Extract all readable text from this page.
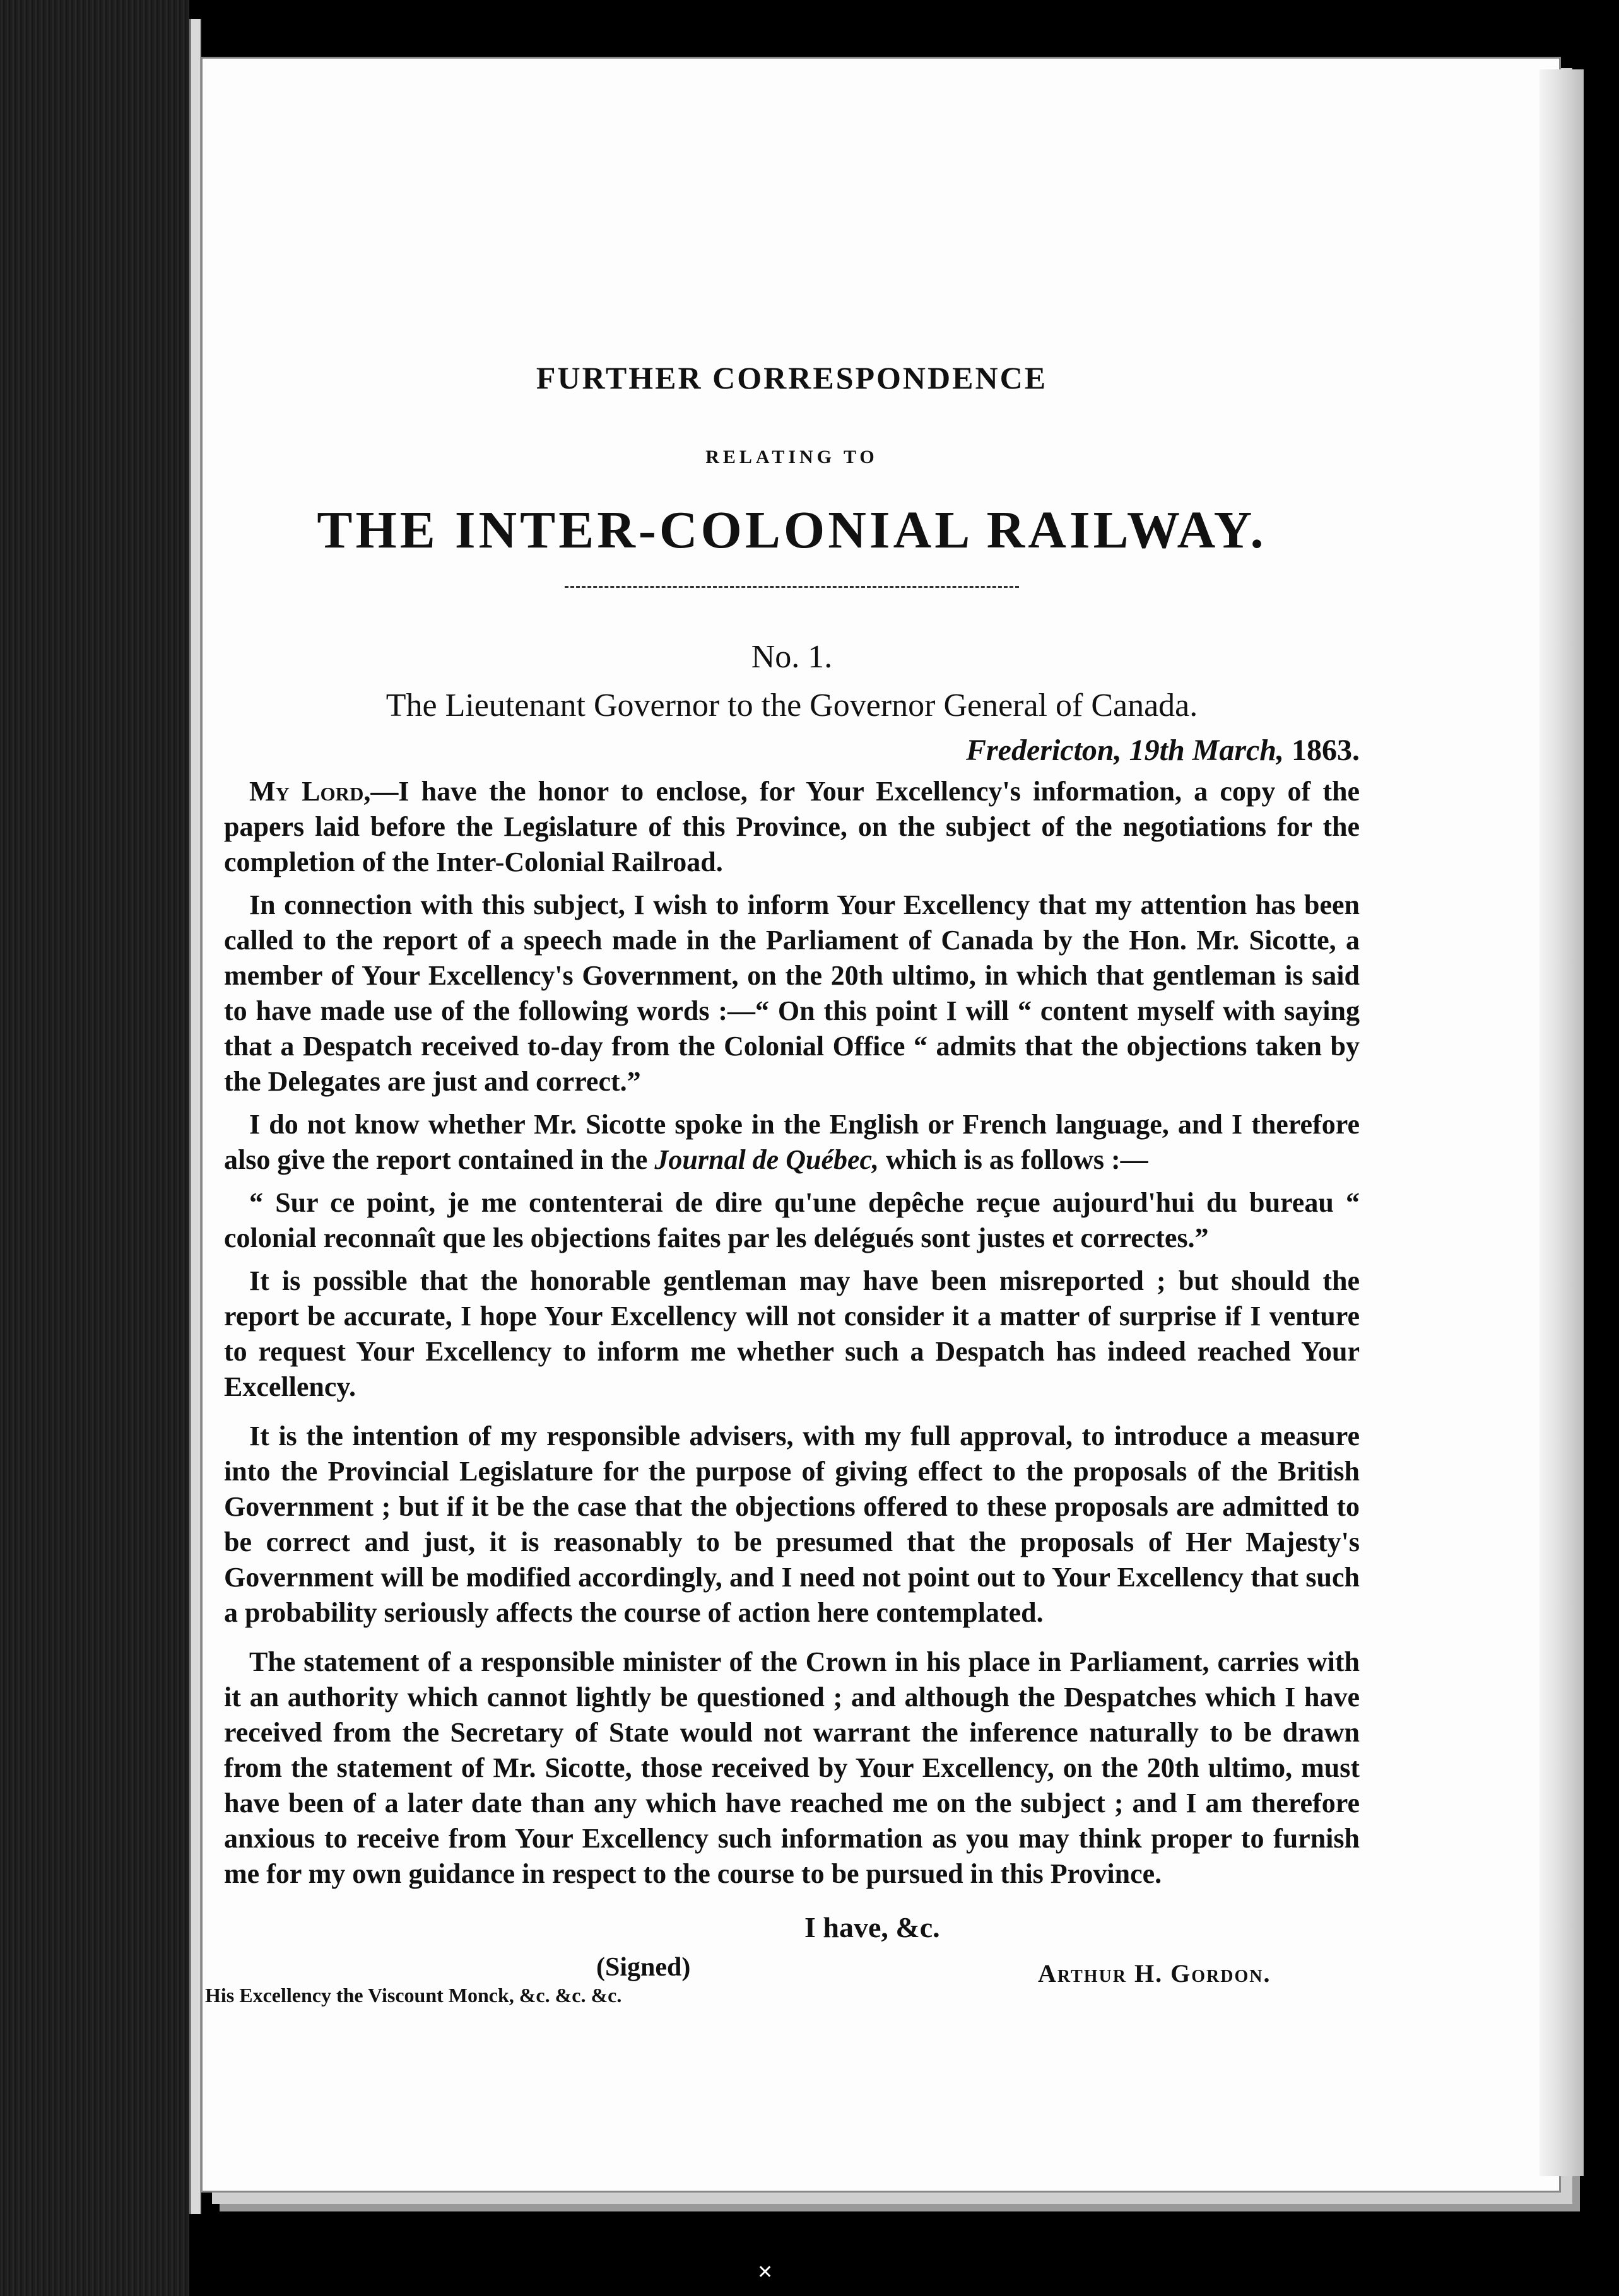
FURTHER CORRESPONDENCE
RELATING TO
THE INTER-COLONIAL RAILWAY.
No. 1.
The Lieutenant Governor to the Governor General of Canada.
Fredericton, 19th March, 1863.

My Lord,—I have the honor to enclose, for Your Excellency's information, a copy of the papers laid before the Legislature of this Province, on the subject of the negotiations for the completion of the Inter-Colonial Railroad.

In connection with this subject, I wish to inform Your Excellency that my attention has been called to the report of a speech made in the Parliament of Canada by the Hon. Mr. Sicotte, a member of Your Excellency's Government, on the 20th ultimo, in which that gentleman is said to have made use of the following words :—“ On this point I will “ content myself with saying that a Despatch received to-day from the Colonial Office “ admits that the objections taken by the Delegates are just and correct.”

I do not know whether Mr. Sicotte spoke in the English or French language, and I therefore also give the report contained in the Journal de Québec, which is as follows :—

“ Sur ce point, je me contenterai de dire qu'une depêche reçue aujourd'hui du bureau “ colonial reconnaît que les objections faites par les delégués sont justes et correctes.”

It is possible that the honorable gentleman may have been misreported ; but should the report be accurate, I hope Your Excellency will not consider it a matter of surprise if I venture to request Your Excellency to inform me whether such a Despatch has indeed reached Your Excellency.

It is the intention of my responsible advisers, with my full approval, to introduce a measure into the Provincial Legislature for the purpose of giving effect to the proposals of the British Government ; but if it be the case that the objections offered to these proposals are admitted to be correct and just, it is reasonably to be presumed that the proposals of Her Majesty's Government will be modified accordingly, and I need not point out to Your Excellency that such a probability seriously affects the course of action here contemplated.

The statement of a responsible minister of the Crown in his place in Parliament, carries with it an authority which cannot lightly be questioned ; and although the Despatches which I have received from the Secretary of State would not warrant the inference naturally to be drawn from the statement of Mr. Sicotte, those received by Your Excellency, on the 20th ultimo, must have been of a later date than any which have reached me on the subject ; and I am therefore anxious to receive from Your Excellency such information as you may think proper to furnish me for my own guidance in respect to the course to be pursued in this Province.

I have, &c.
(Signed)	Arthur H. Gordon.
His Excellency the Viscount Monck, &c. &c. &c.
✕
